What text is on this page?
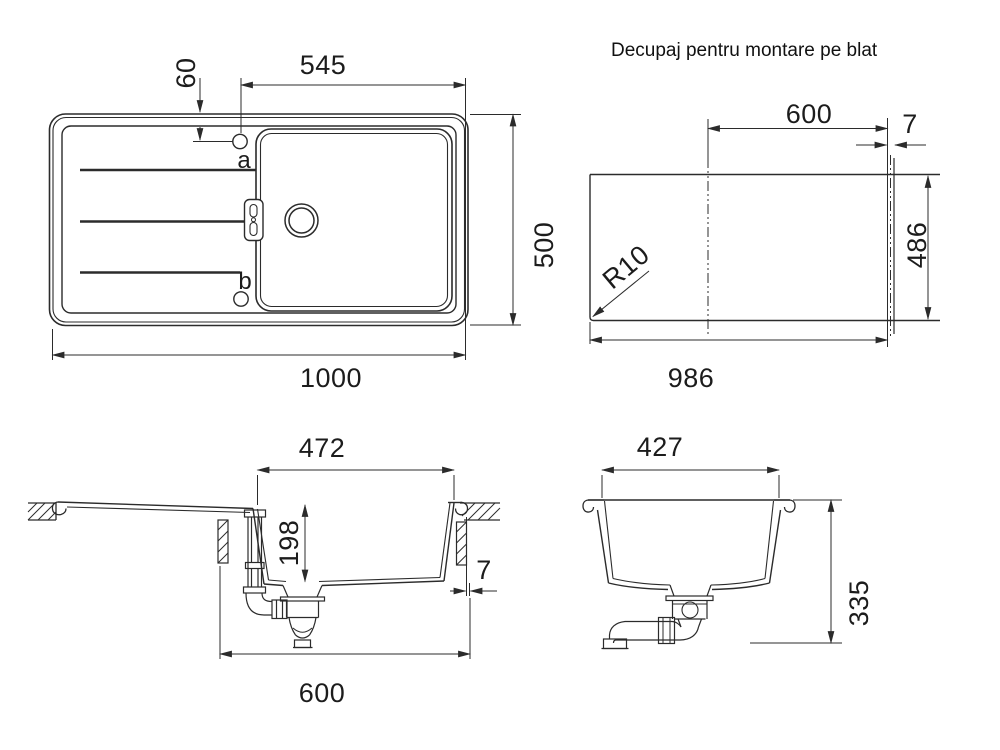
Decupaj pentru montare pe blat
60	545
500
1000
a
b
600	7
486
986
R10
472
198
7
600
427
335
